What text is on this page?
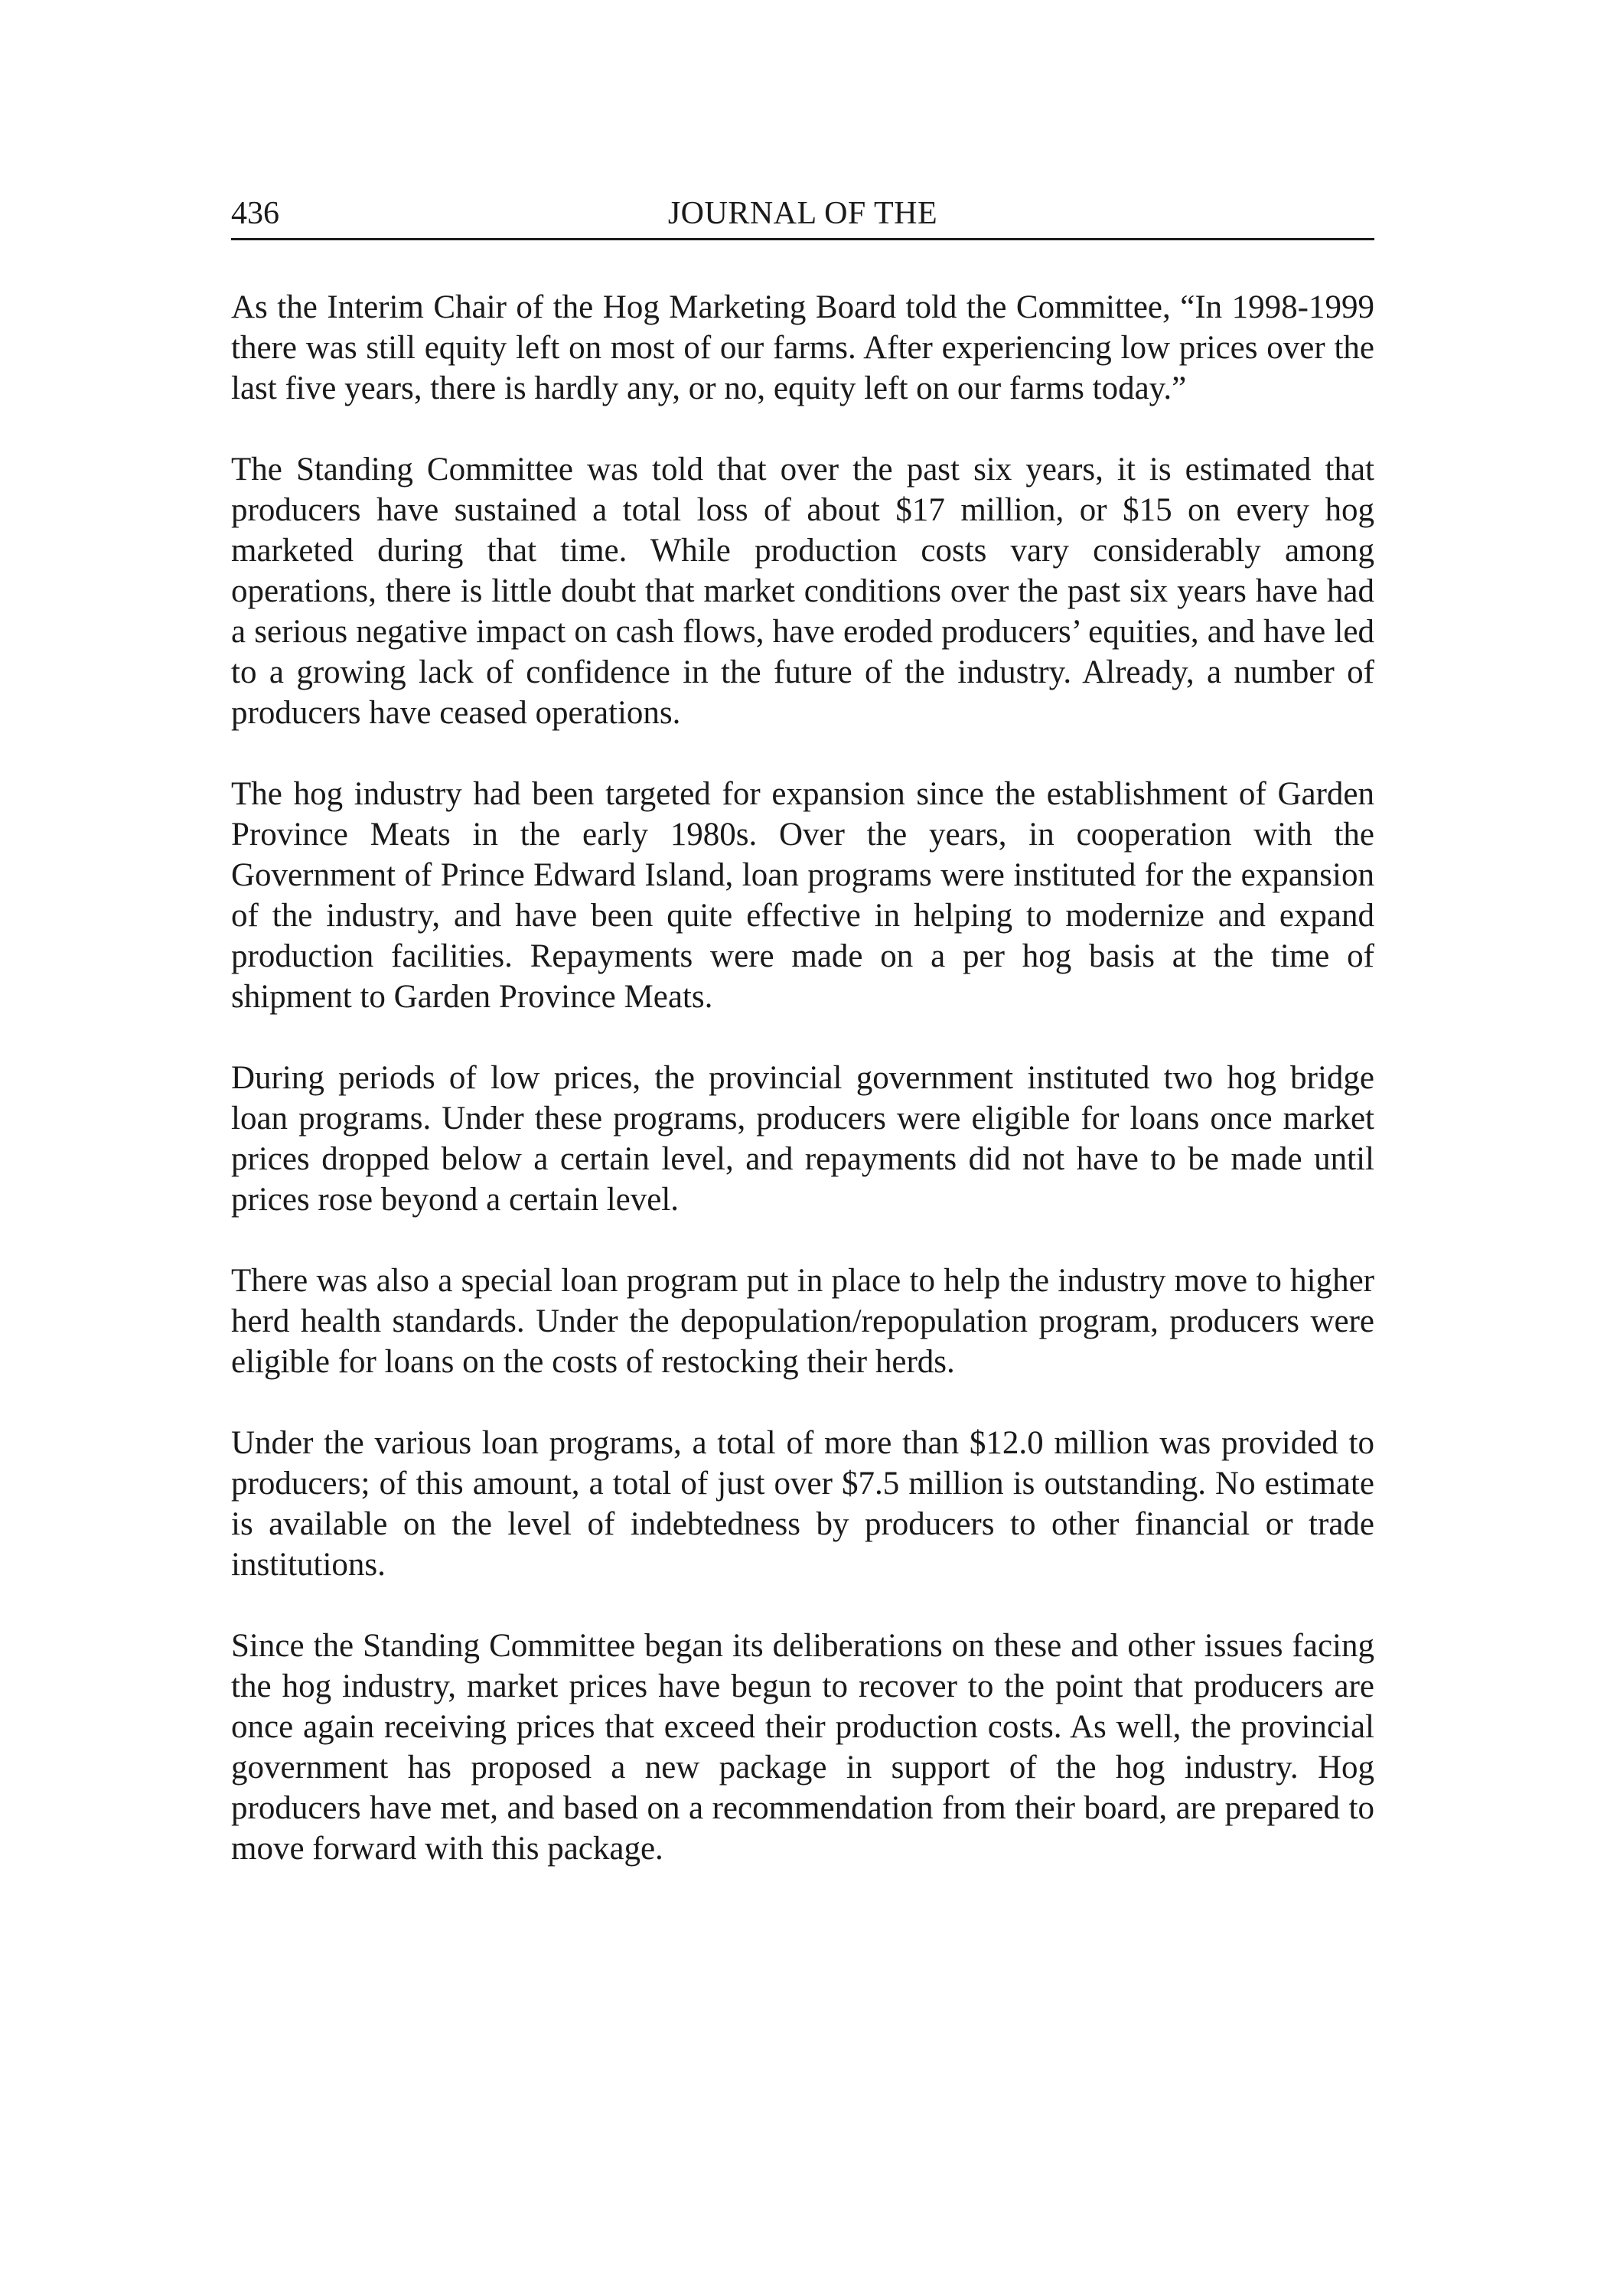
436	JOURNAL OF THE

As the Interim Chair of the Hog Marketing Board told the Committee, “In 1998-1999 there was still equity left on most of our farms. After experiencing low prices over the last five years, there is hardly any, or no, equity left on our farms today.”

The Standing Committee was told that over the past six years, it is estimated that producers have sustained a total loss of about $17 million, or $15 on every hog marketed during that time. While production costs vary considerably among operations, there is little doubt that market conditions over the past six years have had a serious negative impact on cash flows, have eroded producers’ equities, and have led to a growing lack of confidence in the future of the industry. Already, a number of producers have ceased operations.

The hog industry had been targeted for expansion since the establishment of Garden Province Meats in the early 1980s. Over the years, in cooperation with the Government of Prince Edward Island, loan programs were instituted for the expansion of the industry, and have been quite effective in helping to modernize and expand production facilities. Repayments were made on a per hog basis at the time of shipment to Garden Province Meats.

During periods of low prices, the provincial government instituted two hog bridge loan programs. Under these programs, producers were eligible for loans once market prices dropped below a certain level, and repayments did not have to be made until prices rose beyond a certain level.

There was also a special loan program put in place to help the industry move to higher herd health standards. Under the depopulation/repopulation program, producers were eligible for loans on the costs of restocking their herds.

Under the various loan programs, a total of more than $12.0 million was provided to producers; of this amount, a total of just over $7.5 million is outstanding. No estimate is available on the level of indebtedness by producers to other financial or trade institutions.

Since the Standing Committee began its deliberations on these and other issues facing the hog industry, market prices have begun to recover to the point that producers are once again receiving prices that exceed their production costs. As well, the provincial government has proposed a new package in support of the hog industry. Hog producers have met, and based on a recommendation from their board, are prepared to move forward with this package.
